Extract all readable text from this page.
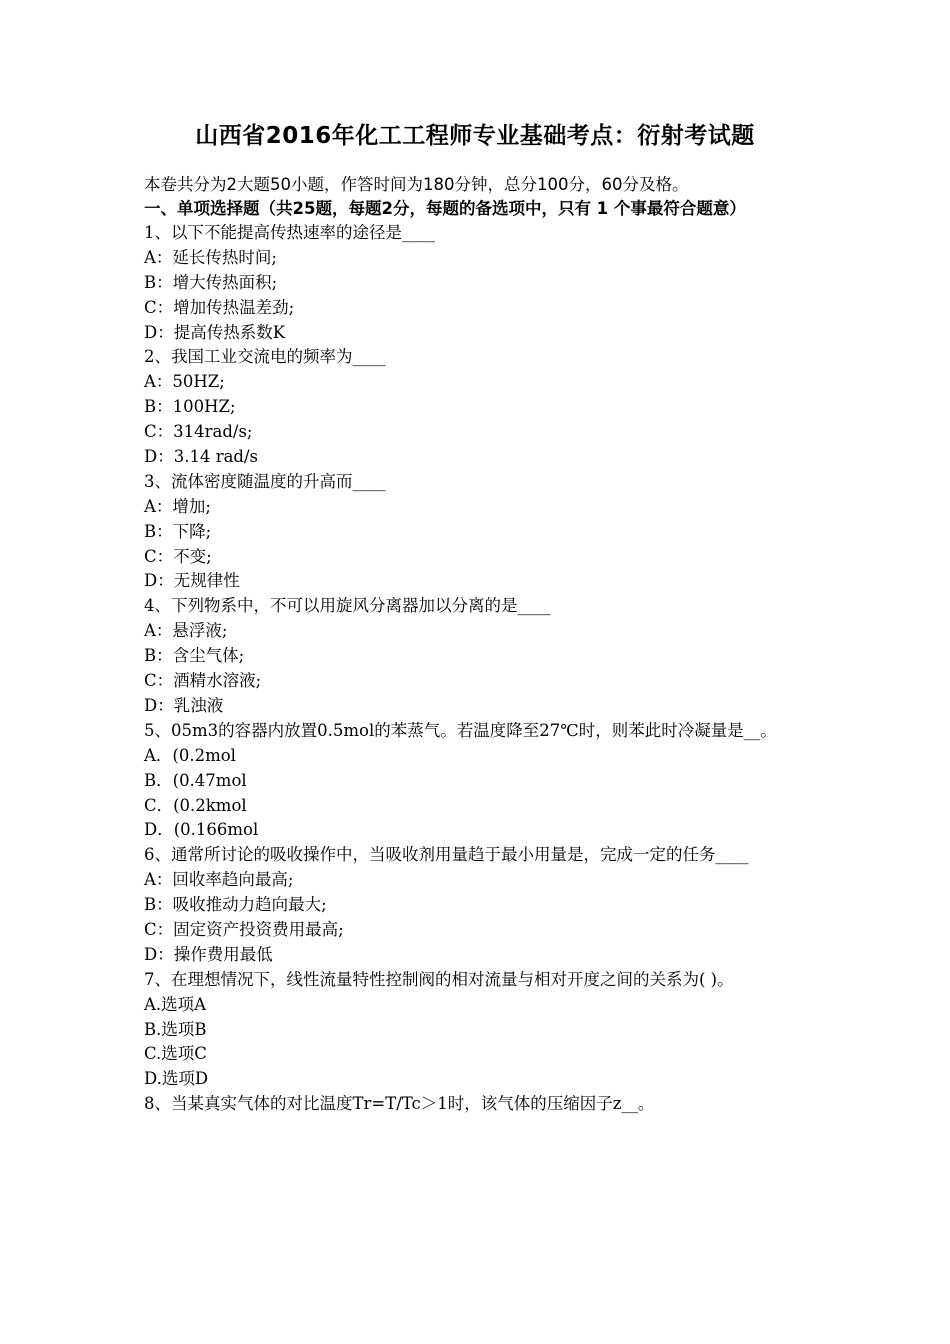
山西省2016年化工工程师专业基础考点：衍射考试题
本卷共分为2大题50小题，作答时间为180分钟，总分100分，60分及格。
一、单项选择题（共25题，每题2分，每题的备选项中，只有 1 个事最符合题意）
1、以下不能提高传热速率的途径是____
A：延长传热时间;
B：增大传热面积;
C：增加传热温差劲;
D：提高传热系数K
2、我国工业交流电的频率为____
A：50HZ;
B：100HZ;
C：314rad/s;
D：3.14 rad/s
3、流体密度随温度的升高而____
A：增加;
B：下降;
C：不变;
D：无规律性
4、下列物系中，不可以用旋风分离器加以分离的是____
A：悬浮液;
B：含尘气体;
C：酒精水溶液;
D：乳浊液
5、05m3的容器内放置0.5mol的苯蒸气。若温度降至27℃时，则苯此时冷凝量是__。
A．(0.2mol
B．(0.47mol
C．(0.2kmol
D．(0.166mol
6、通常所讨论的吸收操作中，当吸收剂用量趋于最小用量是，完成一定的任务____
A：回收率趋向最高;
B：吸收推动力趋向最大;
C：固定资产投资费用最高;
D：操作费用最低
7、在理想情况下，线性流量特性控制阀的相对流量与相对开度之间的关系为( )。
A.选项A
B.选项B
C.选项C
D.选项D
8、当某真实气体的对比温度Tr=T/Tc＞1时，该气体的压缩因子z__。
